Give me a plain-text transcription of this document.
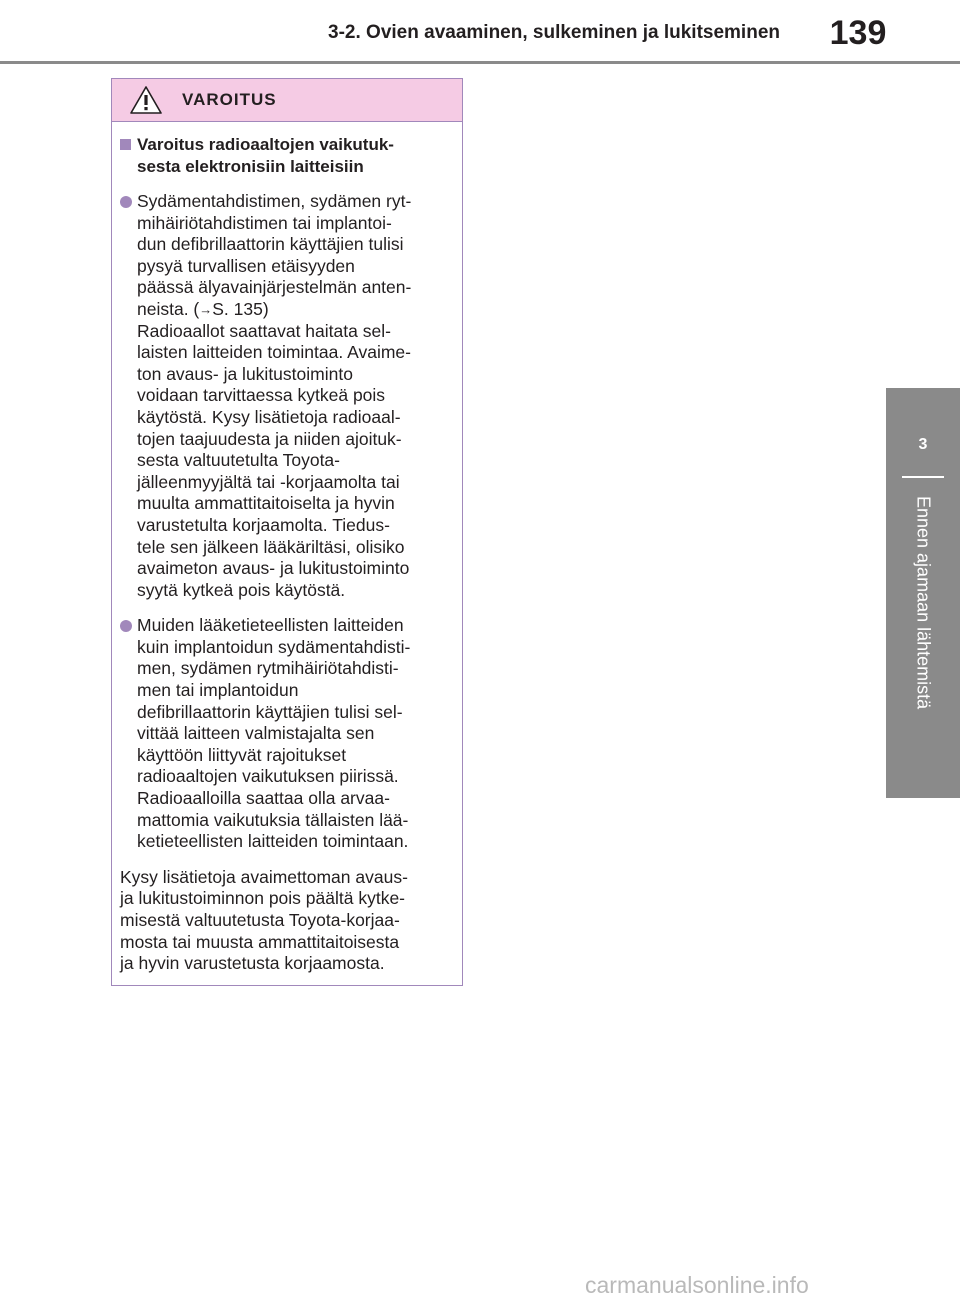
3-2. Ovien avaaminen, sulkeminen ja lukitseminen	139
3
Ennen ajamaan lähtemistä
VAROITUS
Varoitus radioaaltojen vaikutuk-
sesta elektronisiin laitteisiin
Sydämentahdistimen, sydämen ryt-
mihäiriötahdistimen tai implantoi-
dun defibrillaattorin käyttäjien tulisi
pysyä turvallisen etäisyyden
päässä älyavainjärjestelmän anten-
neista. (→S. 135)
Radioaallot saattavat haitata sel-
laisten laitteiden toimintaa. Avaime-
ton avaus- ja lukitustoiminto
voidaan tarvittaessa kytkeä pois
käytöstä. Kysy lisätietoja radioaal-
tojen taajuudesta ja niiden ajoituk-
sesta valtuutetulta Toyota-
jälleenmyyjältä tai -korjaamolta tai
muulta ammattitaitoiselta ja hyvin
varustetulta korjaamolta. Tiedus-
tele sen jälkeen lääkäriltäsi, olisiko
avaimeton avaus- ja lukitustoiminto
syytä kytkeä pois käytöstä.
Muiden lääketieteellisten laitteiden
kuin implantoidun sydämentahdisti-
men, sydämen rytmihäiriötahdisti-
men tai implantoidun
defibrillaattorin käyttäjien tulisi sel-
vittää laitteen valmistajalta sen
käyttöön liittyvät rajoitukset
radioaaltojen vaikutuksen piirissä.
Radioaalloilla saattaa olla arvaa-
mattomia vaikutuksia tällaisten lää-
ketieteellisten laitteiden toimintaan.
Kysy lisätietoja avaimettoman avaus-
ja lukitustoiminnon pois päältä kytke-
misestä valtuutetusta Toyota-korjaa-
mosta tai muusta ammattitaitoisesta
ja hyvin varustetusta korjaamosta.
carmanualsonline.info
